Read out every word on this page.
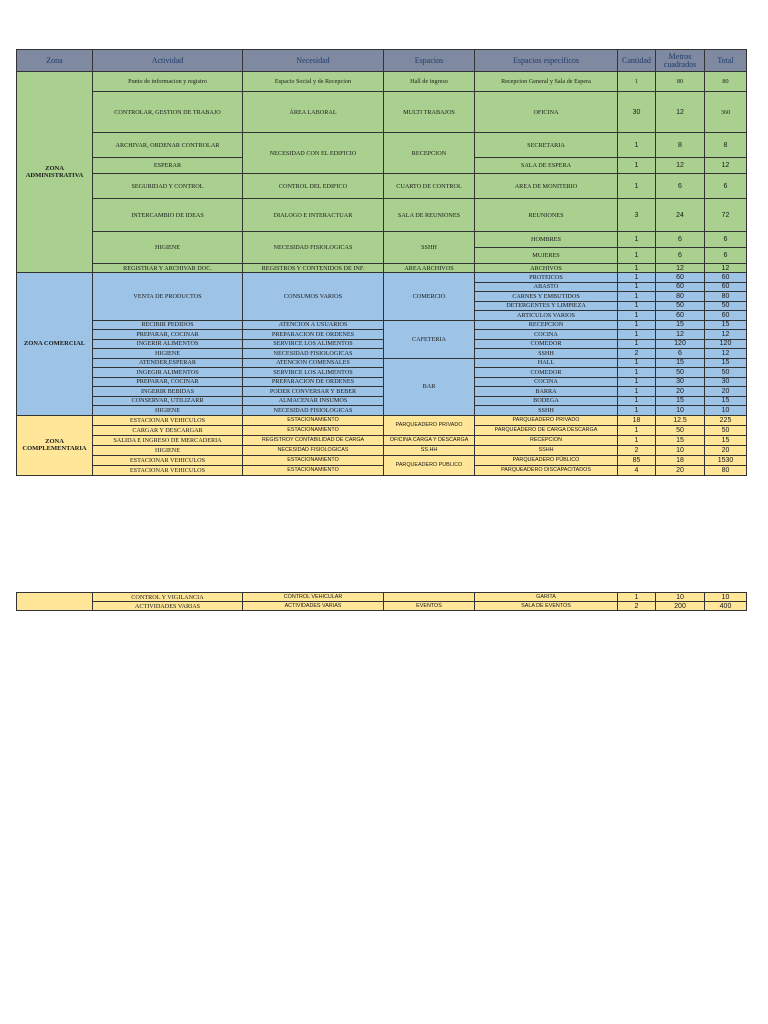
Zona	Actividad	Necesidad	Espacios	Espacios específicos	Cantidad	Metros cuadrados	Total
ZONA ADMINISTRATIVA	Punto de informacion y registro	Espacio Social y de Recepcion	Hall de ingreso	Recepcion General y Sala de Espera	1	80	80
	CONTROLAR, GESTION DE TRABAJO	ÁREA LABORAL	MULTI TRABAJOS	OFICINA	30	12	360
	ARCHIVAR, ORDENAR CONTROLAR	NECESIDAD CON EL EDIFICIO	RECEPCION	SECRETARIA	1	8	8
	ESPERAR			SALA DE ESPERA	1	12	12
	SEGURIDAD Y CONTROL	CONTROL DEL EDIFICO	CUARTO DE CONTROL	AREA DE MONITERIO	1	6	6
	INTERCAMBIO DE IDEAS	DIALOGO E INTERACTUAR	SALA DE REUNIONES	REUNIONES	3	24	72
	HIGIENE	NECESIDAD FISIOLOGICAS	SSHH	HOMBRES	1	6	6
				MUJERES	1	6	6
	REGISTRAR Y ARCHIVAR DOC.	REGISTROS Y CONTENIDOS DE INF.	AREA ARCHIVOS	ARCHIVOS	1	12	12
ZONA COMERCIAL	VENTA DE PRODUCTOS	CONSUMOS VARIOS	COMERCIO	PROTEICOS	1	60	60
				ABASTO	1	60	60
				CARNES Y EMBUTIDOS	1	80	80
				DETERGENTES Y LIMPIEZA	1	50	50
				ARTICULOS VARIOS	1	60	60
	RECIBIR PEDIDOS	ATENCION A USUARIOS	CAFETERIA	RECEPCION	1	15	15
	PREPARAR, COCINAR	PREPARACION DE ORDENES		COCINA	1	12	12
	INGERIR ALIMENTOS	SERVIRCE LOS ALIMENTOS		COMEDOR	1	120	120
	HIGIENE	NECESIDAD FISIOLOGICAS		SSHH	2	6	12
	ATENDER,ESPERAR	ATENCION COMENSALES	BAR	HALL	1	15	15
	INGEGIR ALIMENTOS	SERVIRCE LOS ALIMENTOS		COMEDOR	1	50	50
	PREPARAR, COCINAR	PREPARACION DE ORDENES		COCINA	1	30	30
	INGERIR BEBIDAS	PODER CONVERSAR Y BEBER		BARRA	1	20	20
	CONSERVAR, UTILIZARR	ALMACENAR INSUMOS		BODEGA	1	15	15
	HIGIENE	NECESIDAD FISIOLOGICAS		SSHH	1	10	10
ZONA COMPLEMENTARIA	ESTACIONAR VEHICULOS	ESTACIONAMIENTO	PARQUEADERO PRIVADO	PARQUEADERO PRIVADO	18	12.5	225
	CARGAR Y DESCARGAR	ESTACIONAMIENTO		PARQUEADERO DE CARGA DESCARGA	1	50	50
	SALIDA E INGRESO DE MERCADERIA	REGISTROY CONTABILIDAD DE CARGA	OFICINA CARGA Y DESCARGA	RECEPCION	1	15	15
	HIGIENE	NECESIDAD FISIOLOGICAS	SS.HH	SSHH	2	10	20
	ESTACIONAR VEHICULOS	ESTACIONAMIENTO	PARQUEADERO PUBLICO	PARQUEADERO PÚBLICO	85	18	1530
	ESTACIONAR VEHICULOS	ESTACIONAMIENTO		PARQUEADERO DISCAPACITADOS	4	20	80
	CONTROL Y VIGILANCIA	CONTROL VEHICULAR		GARITA	1	10	10
	ACTIVIDADES VARIAS	ACTIVIDADES VARIAS	EVENTOS	SALA DE EVENTOS	2	200	400
